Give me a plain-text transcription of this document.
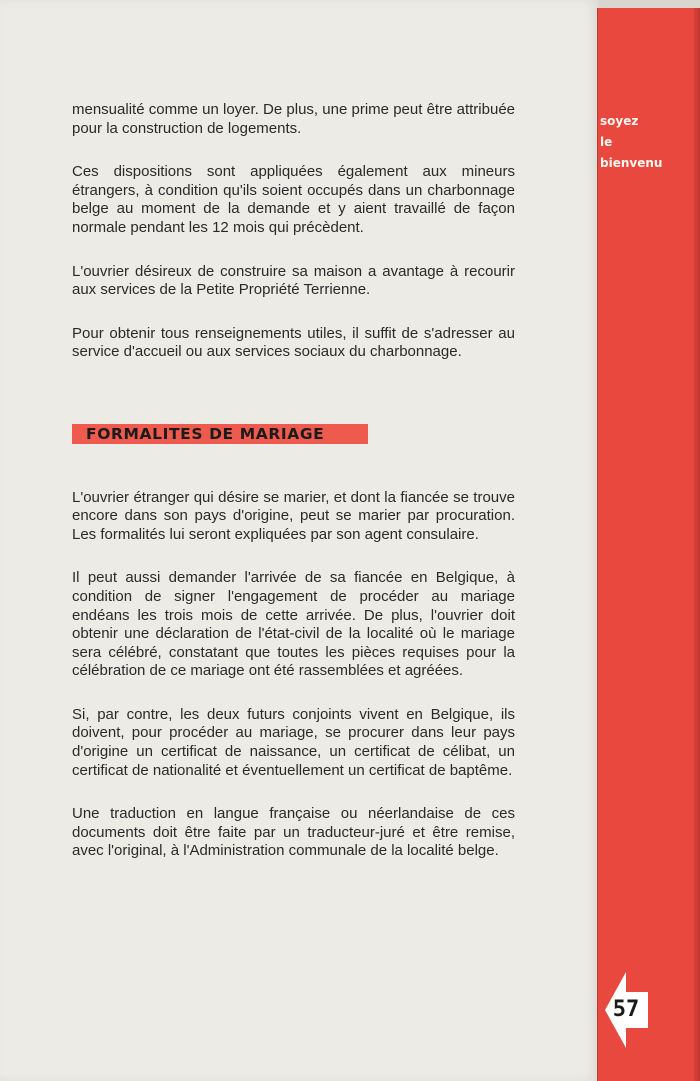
soyez
le
bienvenu

mensualité comme un loyer. De plus, une prime peut être attribuée pour la construction de logements.

Ces dispositions sont appliquées également aux mineurs étrangers, à condition qu'ils soient occupés dans un charbonnage belge au moment de la demande et y aient travaillé de façon normale pendant les 12 mois qui précèdent.

L'ouvrier désireux de construire sa maison a avantage à recourir aux services de la Petite Propriété Terrienne.

Pour obtenir tous renseignements utiles, il suffit de s'adresser au service d'accueil ou aux services sociaux du charbonnage.

FORMALITES DE MARIAGE

L'ouvrier étranger qui désire se marier, et dont la fiancée se trouve encore dans son pays d'origine, peut se marier par procuration. Les formalités lui seront expliquées par son agent consulaire.

Il peut aussi demander l'arrivée de sa fiancée en Belgique, à condition de signer l'engagement de procéder au mariage endéans les trois mois de cette arrivée. De plus, l'ouvrier doit obtenir une déclaration de l'état-civil de la localité où le mariage sera célébré, constatant que toutes les pièces requises pour la célébration de ce mariage ont été rassemblées et agréées.

Si, par contre, les deux futurs conjoints vivent en Belgique, ils doivent, pour procéder au mariage, se procurer dans leur pays d'origine un certificat de naissance, un certificat de célibat, un certificat de nationalité et éventuellement un certificat de baptême.

Une traduction en langue française ou néerlandaise de ces documents doit être faite par un traducteur-juré et être remise, avec l'original, à l'Administration communale de la localité belge.

57
